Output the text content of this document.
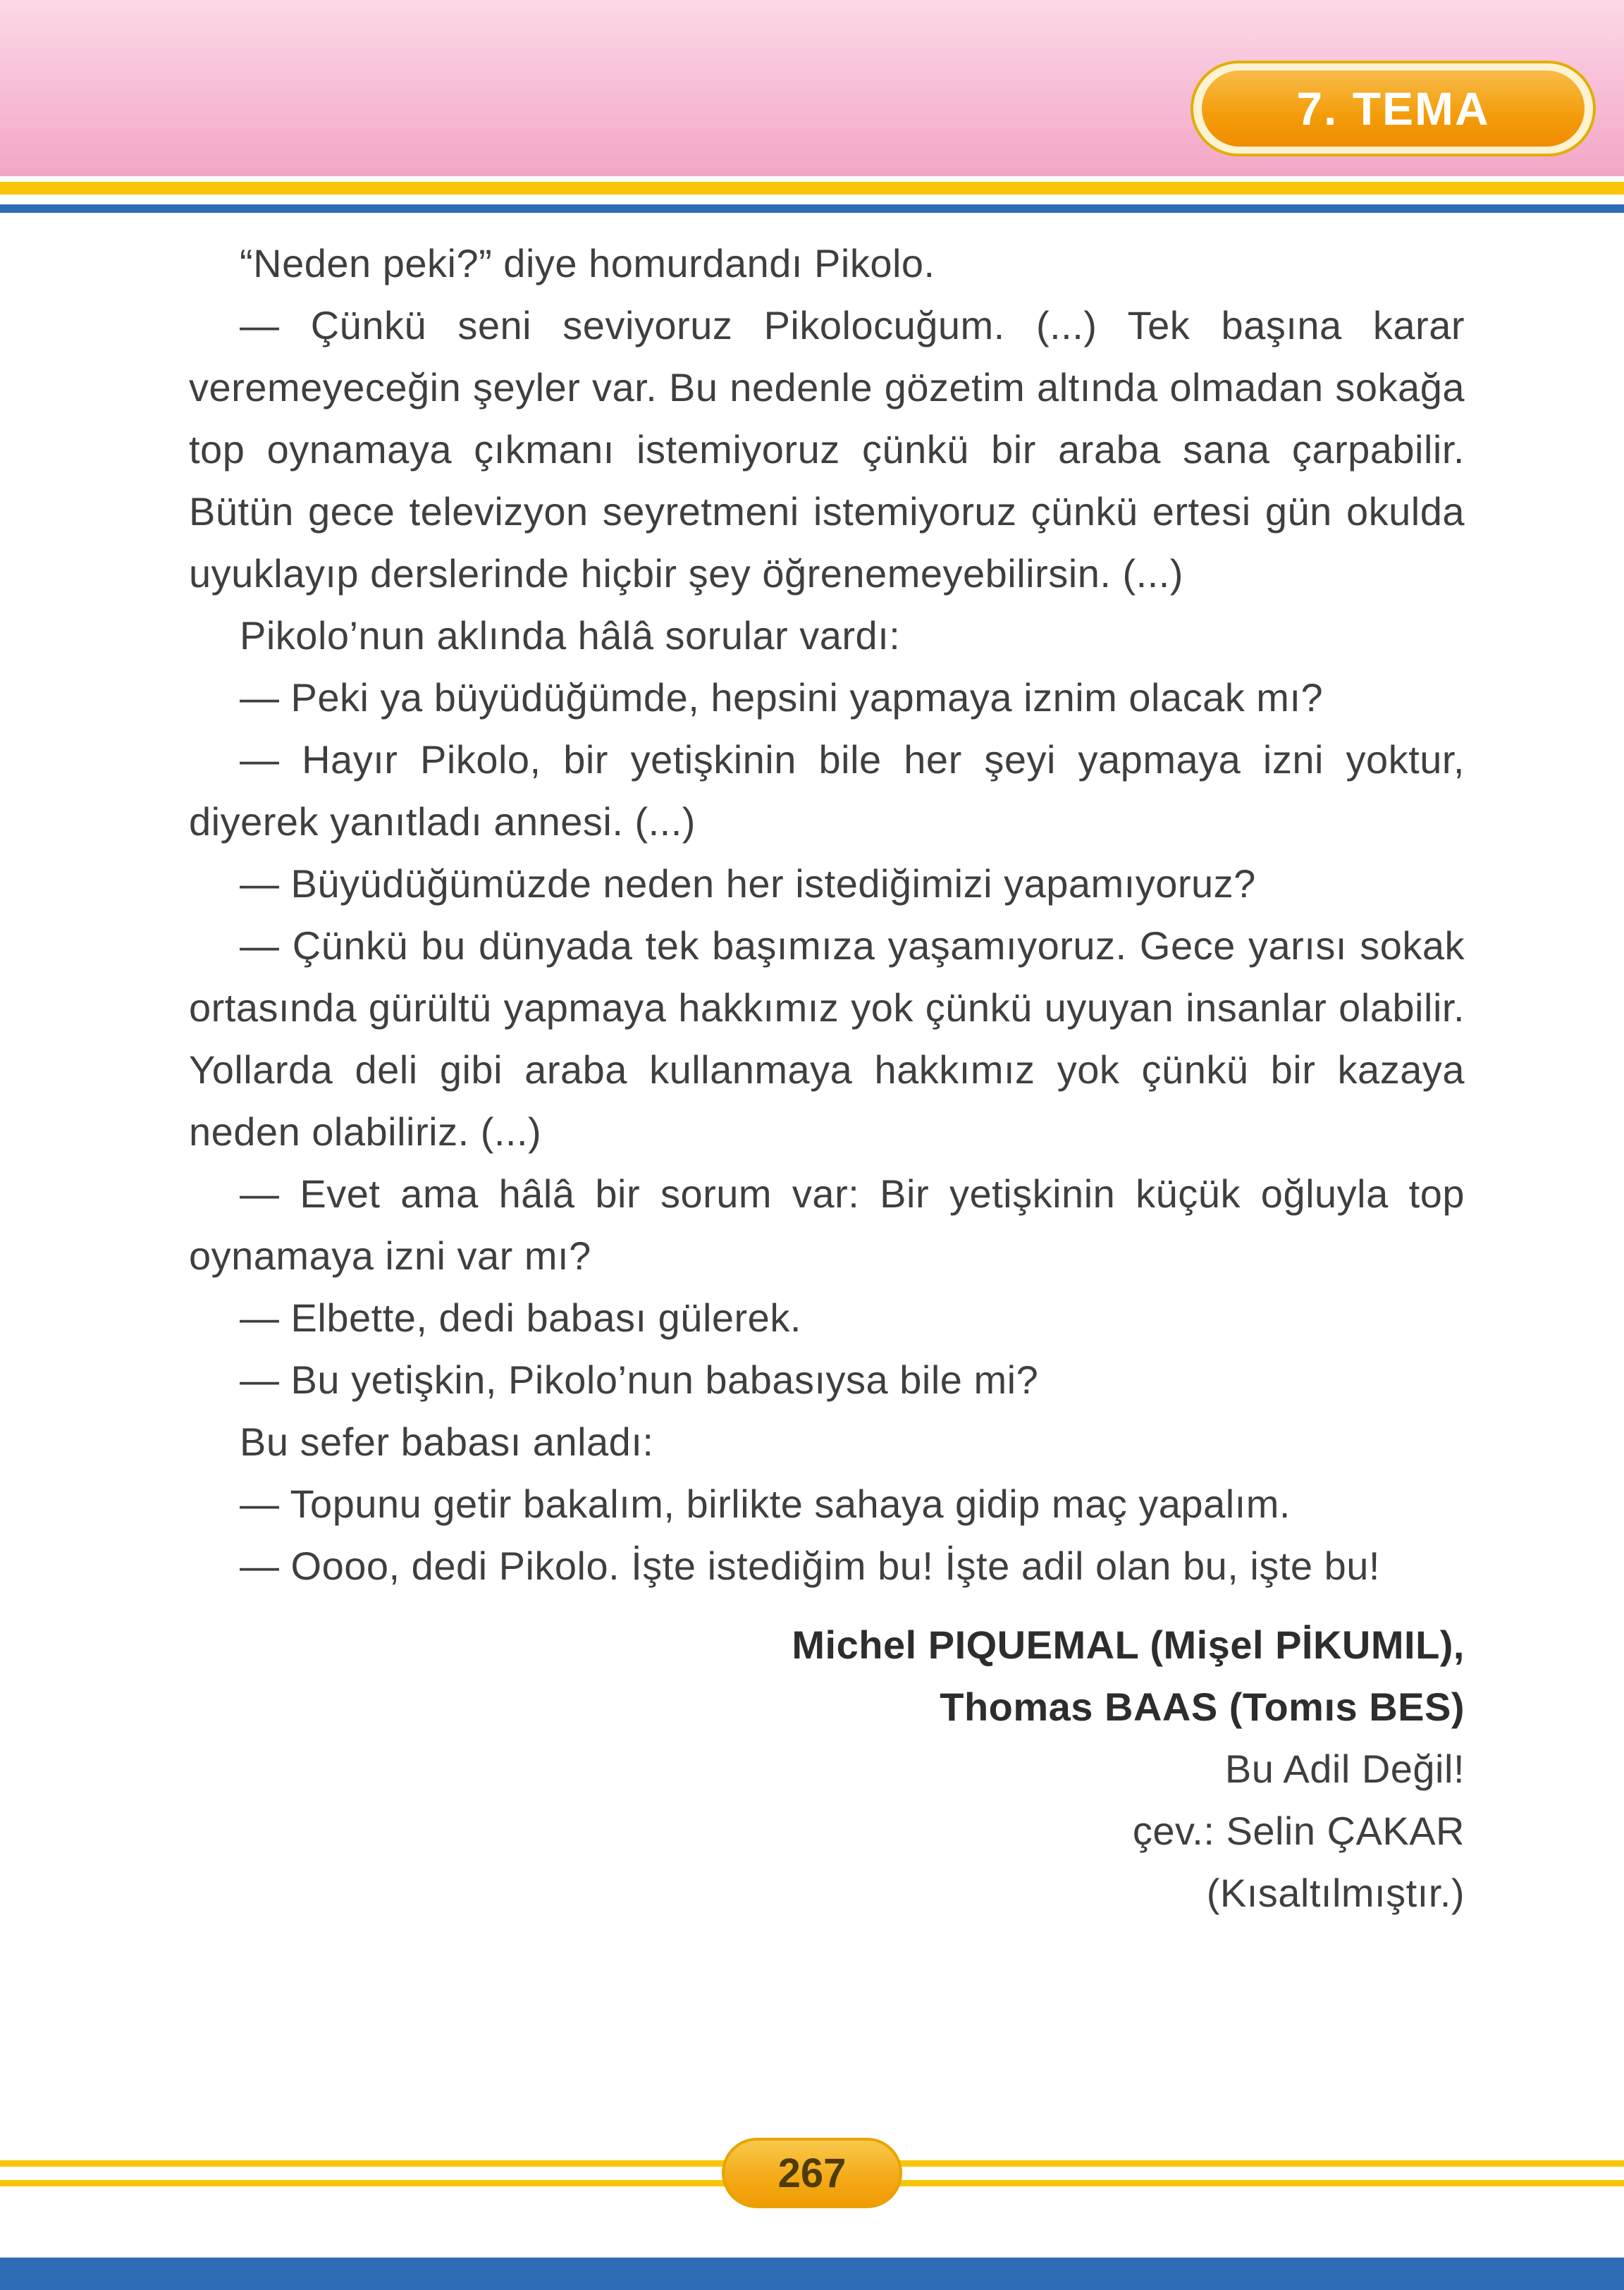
7. TEMA

“Neden peki?” diye homurdandı Pikolo.

— Çünkü seni seviyoruz Pikolocuğum. (...) Tek başına karar veremeyeceğin şeyler var. Bu nedenle gözetim altında olmadan sokağa top oynamaya çıkmanı istemiyoruz çünkü bir araba sana çarpabilir. Bütün gece televizyon seyretmeni istemiyoruz çünkü ertesi gün okulda uyuklayıp derslerinde hiçbir şey öğrenemeyebilirsin. (...)

Pikolo’nun aklında hâlâ sorular vardı:

— Peki ya büyüdüğümde, hepsini yapmaya iznim olacak mı?

— Hayır Pikolo, bir yetişkinin bile her şeyi yapmaya izni yoktur, diyerek yanıtladı annesi. (...)

— Büyüdüğümüzde neden her istediğimizi yapamıyoruz?

— Çünkü bu dünyada tek başımıza yaşamıyoruz. Gece yarısı sokak ortasında gürültü yapmaya hakkımız yok çünkü uyuyan insanlar olabilir. Yollarda deli gibi araba kullanmaya hakkımız yok çünkü bir kazaya neden olabiliriz. (...)

— Evet ama hâlâ bir sorum var: Bir yetişkinin küçük oğluyla top oynamaya izni var mı?

— Elbette, dedi babası gülerek.

— Bu yetişkin, Pikolo’nun babasıysa bile mi?

Bu sefer babası anladı:

— Topunu getir bakalım, birlikte sahaya gidip maç yapalım.

— Oooo, dedi Pikolo. İşte istediğim bu! İşte adil olan bu, işte bu!

Michel PIQUEMAL (Mişel PİKUMIL),

Thomas BAAS (Tomıs BES)

Bu Adil Değil!

çev.: Selin ÇAKAR

(Kısaltılmıştır.)

267
